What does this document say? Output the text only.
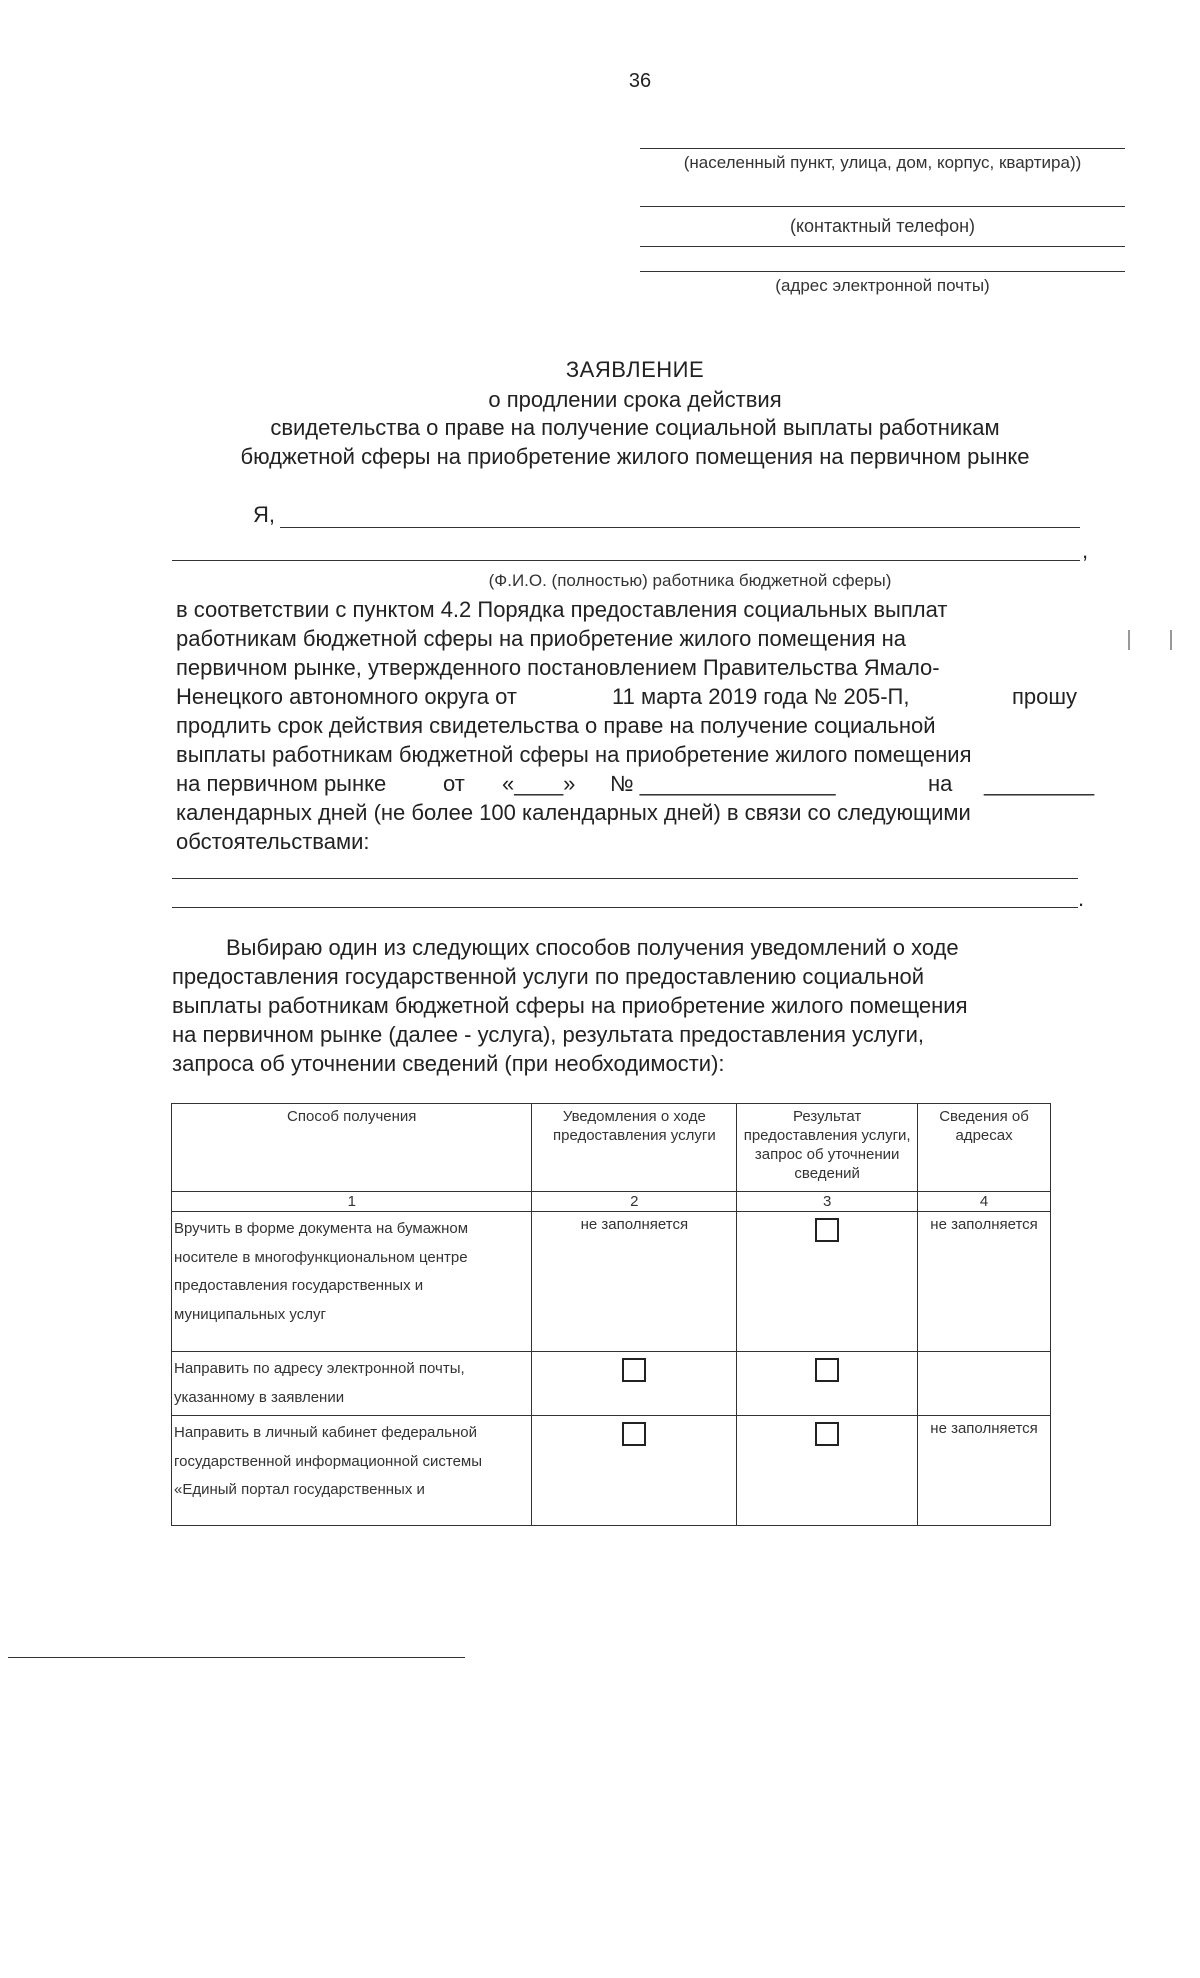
36
(населенный пункт, улица, дом, корпус, квартира))
(контактный телефон)
(адрес электронной почты)
ЗАЯВЛЕНИЕ
о продлении срока действия
свидетельства о праве на получение социальной выплаты работникам
бюджетной сферы на приобретение жилого помещения на первичном рынке
Я,
,
(Ф.И.О. (полностью) работника бюджетной сферы)
в соответствии с пунктом 4.2 Порядка предоставления социальных выплат
работникам бюджетной сферы на приобретение жилого помещения на
первичном рынке, утвержденного постановлением Правительства Ямало-
Ненецкого автономного округа от	11 марта 2019 года № 205-П,	прошу
продлить срок действия свидетельства о праве на получение социальной
выплаты работникам бюджетной сферы на приобретение жилого помещения
на первичном рынке	от «____» № ________________	на _________
календарных дней (не более 100 календарных дней) в связи со следующими
обстоятельствами:
.
Выбираю один из следующих способов получения уведомлений о ходе
предоставления государственной услуги по предоставлению социальной
выплаты работникам бюджетной сферы на приобретение жилого помещения
на первичном рынке (далее - услуга), результата предоставления услуги,
запроса об уточнении сведений (при необходимости):
Способ получения	Уведомления о ходе предоставления услуги	Результат предоставления услуги, запрос об уточнении сведений	Сведения об адресах
1	2	3	4
Вручить в форме документа на бумажном носителе в многофункциональном центре предоставления государственных и муниципальных услуг	не заполняется		не заполняется
Направить по адресу электронной почты, указанному в заявлении			
Направить в личный кабинет федеральной государственной информационной системы «Единый портал государственных и			не заполняется
